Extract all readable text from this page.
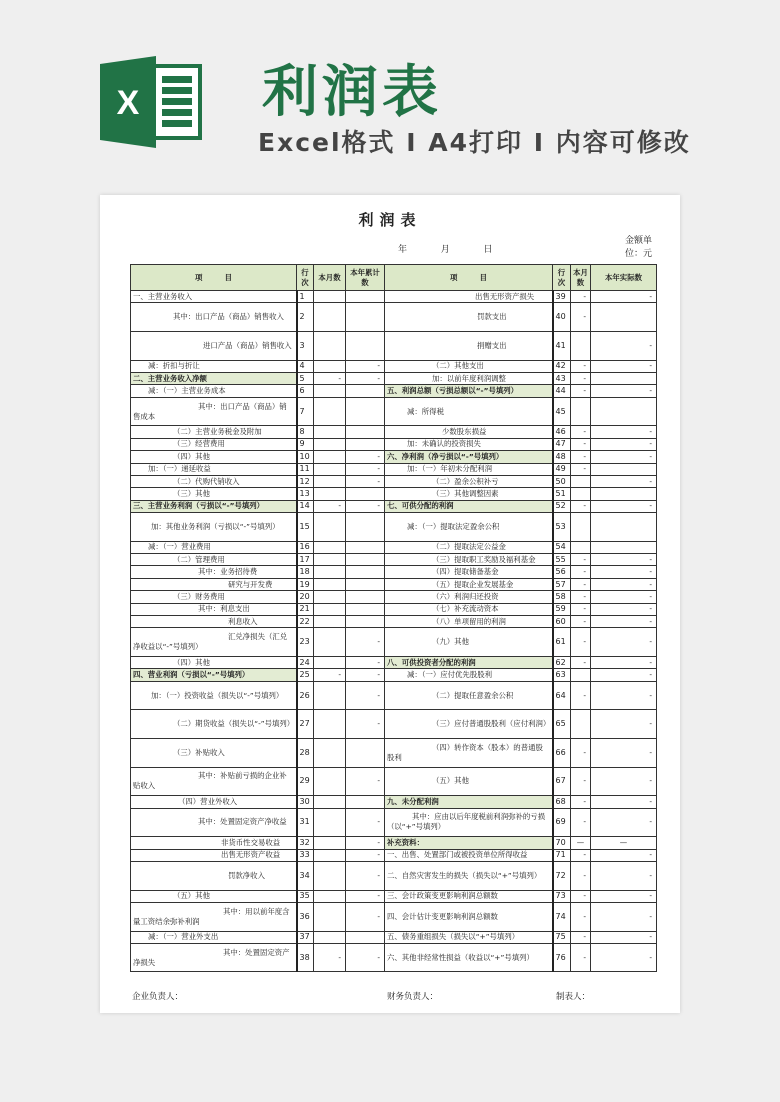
X 利润表
Excel格式 I A4打印 I 内容可修改
利润表
年  月  日
金额单位：元
项　　　目	行次	本月数	本年累计数	项　　　目	行次	本月数	本年实际数
一、主营业务收入	1			出售无形资产损失	39	-	-
其中：出口产品（商品）销售收入	2			罚款支出	40	-	
进口产品（商品）销售收入	3			捐赠支出	41		-
减：折扣与折让	4		-	（二）其他支出	42	-	-
二、主营业务收入净额	5	-	-	加：以前年度利润调整	43	-	
减：（一）主营业务成本	6			五、利润总额（亏损总额以“-”号填列）	44	-	-
其中：出口产品（商品）销售成本	7			减：所得税	45		
（二）主营业务税金及附加	8			少数股东损益	46	-	-
（三）经营费用	9			加：未确认的投资损失	47	-	-
（四）其他	10		-	六、净利润（净亏损以“-”号填列）	48	-	-
加：（一）递延收益	11		-	加：（一）年初未分配利润	49	-	
（二）代购代销收入	12		-	（二）盈余公积补亏	50		-
（三）其他	13			（三）其他调整因素	51		
三、主营业务利润（亏损以“-”号填列）	14	-	-	七、可供分配的利润	52	-	-
加：其他业务利润（亏损以“-”号填列）	15			减：（一）提取法定盈余公积	53		
减：（一）营业费用	16			（二）提取法定公益金	54		
（二）管理费用	17			（三）提取职工奖励及福利基金	55	-	-
其中：业务招待费	18			（四）提取储备基金	56	-	-
研究与开发费	19			（五）提取企业发展基金	57	-	-
（三）财务费用	20			（六）利润归还投资	58	-	-
其中：利息支出	21			（七）补充流动资本	59	-	-
利息收入	22			（八）单项留用的利润	60	-	-
汇兑净损失（汇兑净收益以“-”号填列）	23		-	（九）其他	61	-	-
（四）其他	24		-	八、可供投资者分配的利润	62	-	-
四、营业利润（亏损以“-”号填列）	25	-	-	减：（一）应付优先股股利	63		-
加：（一）投资收益（损失以“-”号填列）	26		-	（二）提取任意盈余公积	64	-	-
（二）期货收益（损失以“-”号填列）	27		-	（三）应付普通股股利（应付利润）	65		-
（三）补贴收入	28			（四）转作资本（股本）的普通股股利	66	-	-
其中：补贴前亏损的企业补贴收入	29		-	（五）其他	67	-	-
（四）营业外收入	30			九、未分配利润	68	-	-
其中：处置固定资产净收益	31		-	其中：应由以后年度税前利润弥补的亏损（以“+”号填列）	69	-	-
非货币性交易收益	32		-	补充资料：	70	—	—
出售无形资产收益	33		-	一、出售、处置部门或被投资单位所得收益	71	-	-
罚款净收入	34		-	二、自然灾害发生的损失（损失以“+”号填列）	72	-	-
（五）其他	35		-	三、会计政策变更影响利润总额数	73	-	-
其中：用以前年度含量工资结余弥补利润	36		-	四、会计估计变更影响利润总额数	74	-	-
减：（一）营业外支出	37			五、债务重组损失（损失以“+”号填列）	75	-	-
其中：处置固定资产净损失	38	-	-	六、其他非经常性损益（收益以“+”号填列）	76	-	-
企业负责人：	财务负责人：	制表人：
